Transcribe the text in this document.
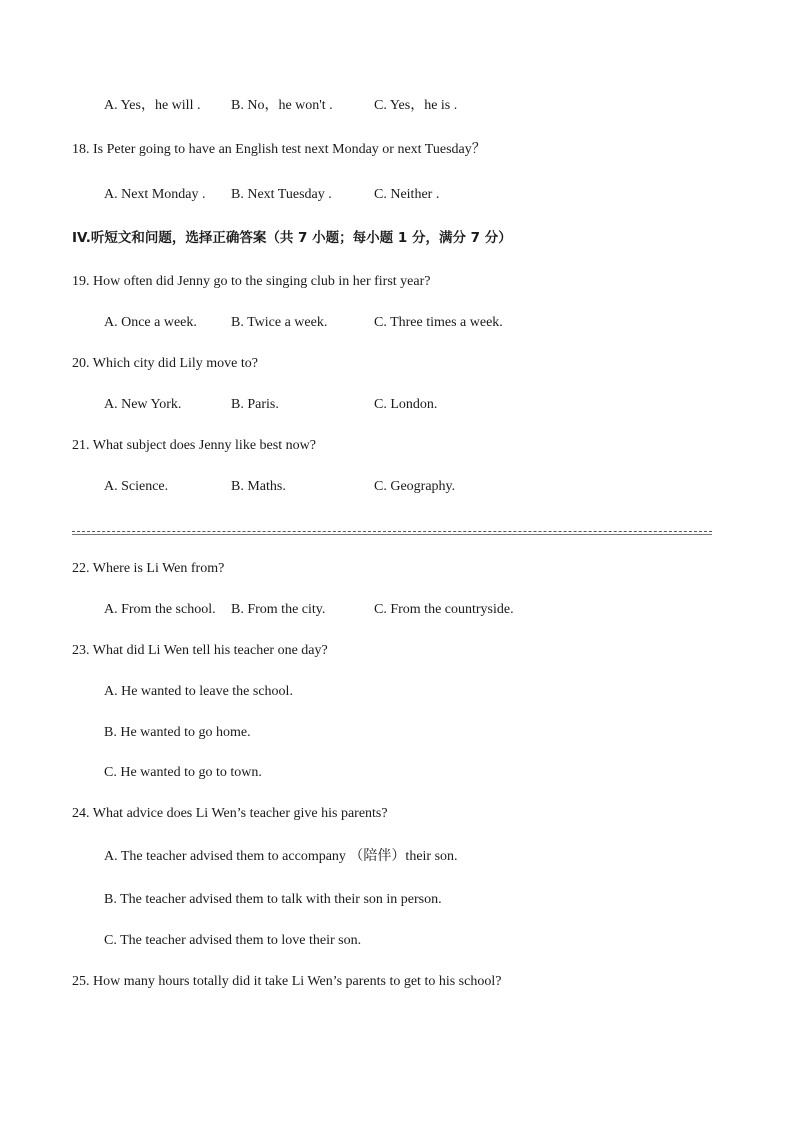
A. Yes，he will . B. No，he won't .	C. Yes，he is .
18. Is Peter going to have an English test next Monday or next Tuesday？
A. Next Monday . B. Next Tuesday .	C. Neither .
IV.听短文和问题，选择正确答案（共 7 小题；每小题 1 分，满分 7 分）
19. How often did Jenny go to the singing club in her first year?
A. Once a week. B. Twice a week.	C. Three times a week.
20. Which city did Lily move to?
A. New York.	B. Paris.	C. London.
21. What subject does Jenny like best now?
A. Science.	B. Maths.	C. Geography.
22. Where is Li Wen from?
A. From the school. B. From the city.	C. From the countryside.
23. What did Li Wen tell his teacher one day?
A. He wanted to leave the school.
B. He wanted to go home.
C. He wanted to go to town.
24. What advice does Li Wen’s teacher give his parents?
A. The teacher advised them to accompany （陪伴）their son.
B. The teacher advised them to talk with their son in person.
C. The teacher advised them to love their son.
25. How many hours totally did it take Li Wen’s parents to get to his school?
